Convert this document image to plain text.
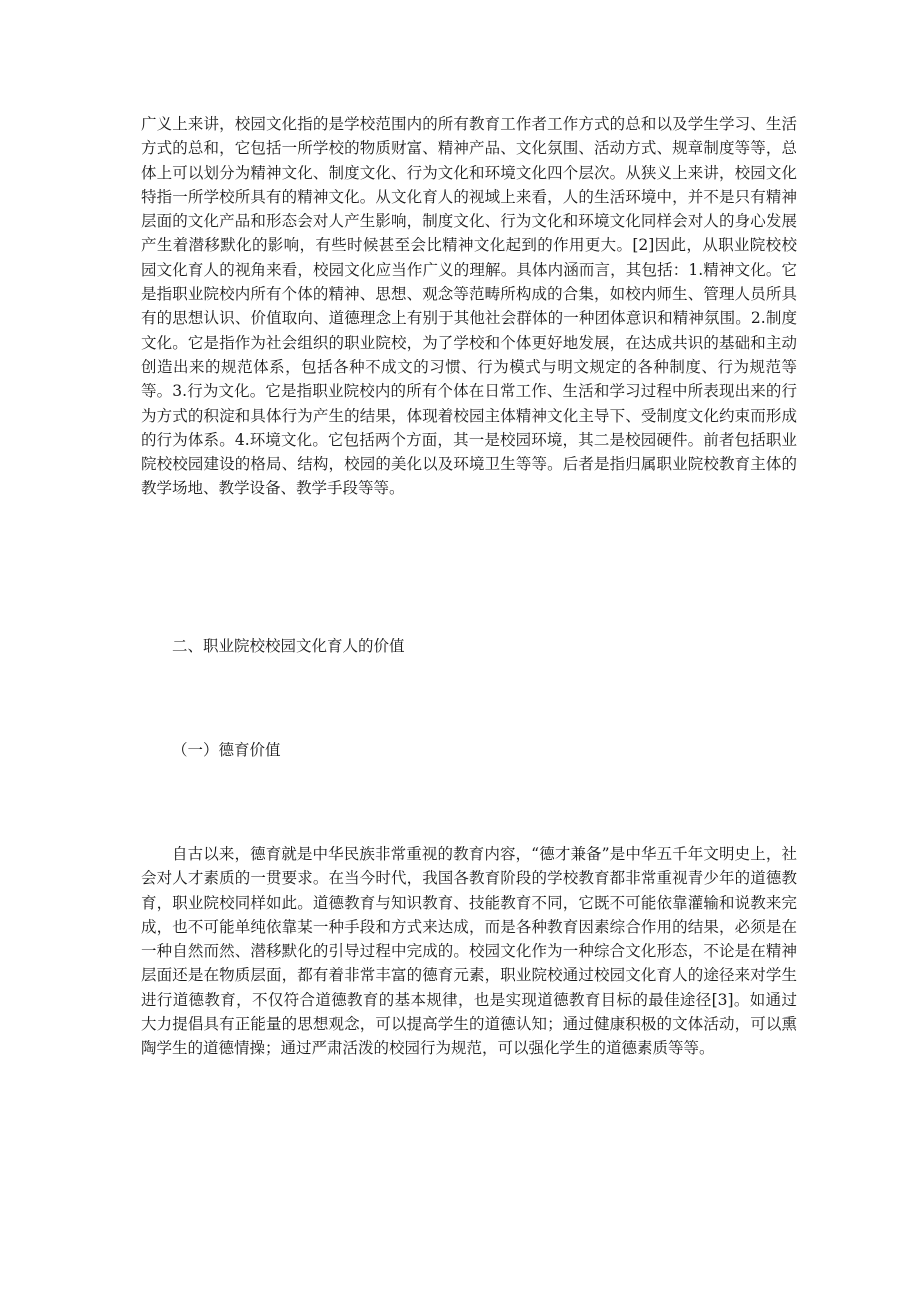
广义上来讲，校园文化指的是学校范围内的所有教育工作者工作方式的总和以及学生学习、生活方式的总和，它包括一所学校的物质财富、精神产品、文化氛围、活动方式、规章制度等等，总体上可以划分为精神文化、制度文化、行为文化和环境文化四个层次。从狭义上来讲，校园文化特指一所学校所具有的精神文化。从文化育人的视域上来看，人的生活环境中，并不是只有精神层面的文化产品和形态会对人产生影响，制度文化、行为文化和环境文化同样会对人的身心发展产生着潜移默化的影响，有些时候甚至会比精神文化起到的作用更大。[2]因此，从职业院校校园文化育人的视角来看，校园文化应当作广义的理解。具体内涵而言，其包括：1.精神文化。它是指职业院校内所有个体的精神、思想、观念等范畴所构成的合集，如校内师生、管理人员所具有的思想认识、价值取向、道德理念上有别于其他社会群体的一种团体意识和精神氛围。2.制度文化。它是指作为社会组织的职业院校，为了学校和个体更好地发展，在达成共识的基础和主动创造出来的规范体系，包括各种不成文的习惯、行为模式与明文规定的各种制度、行为规范等等。3.行为文化。它是指职业院校内的所有个体在日常工作、生活和学习过程中所表现出来的行为方式的积淀和具体行为产生的结果，体现着校园主体精神文化主导下、受制度文化约束而形成的行为体系。4.环境文化。它包括两个方面，其一是校园环境，其二是校园硬件。前者包括职业院校校园建设的格局、结构，校园的美化以及环境卫生等等。后者是指归属职业院校教育主体的教学场地、教学设备、教学手段等等。

二、职业院校校园文化育人的价值
（一）德育价值

自古以来，德育就是中华民族非常重视的教育内容，“德才兼备”是中华五千年文明史上，社会对人才素质的一贯要求。在当今时代，我国各教育阶段的学校教育都非常重视青少年的道德教育，职业院校同样如此。道德教育与知识教育、技能教育不同，它既不可能依靠灌输和说教来完成，也不可能单纯依靠某一种手段和方式来达成，而是各种教育因素综合作用的结果，必须是在一种自然而然、潜移默化的引导过程中完成的。校园文化作为一种综合文化形态，不论是在精神层面还是在物质层面，都有着非常丰富的德育元素，职业院校通过校园文化育人的途径来对学生进行道德教育，不仅符合道德教育的基本规律，也是实现道德教育目标的最佳途径[3]。如通过大力提倡具有正能量的思想观念，可以提高学生的道德认知；通过健康积极的文体活动，可以熏陶学生的道德情操；通过严肃活泼的校园行为规范，可以强化学生的道德素质等等。
